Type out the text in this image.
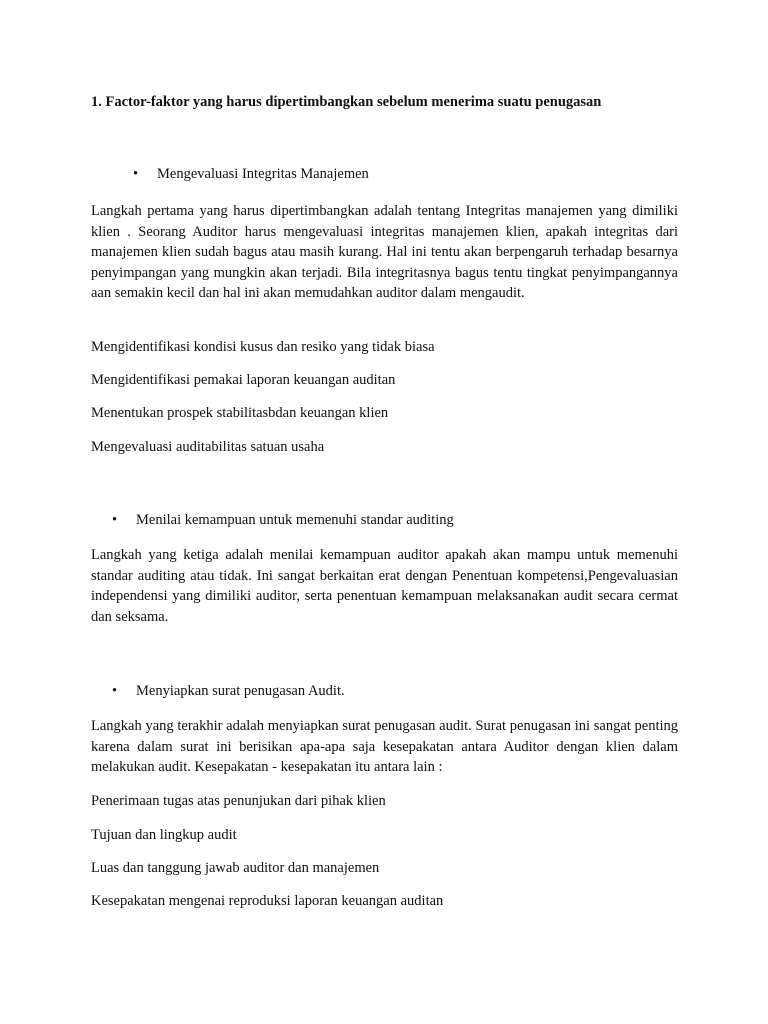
1. Factor-faktor yang harus dipertimbangkan sebelum menerima suatu penugasan
• Mengevaluasi Integritas Manajemen
Langkah pertama yang harus dipertimbangkan adalah tentang Integritas manajemen yang dimiliki klien . Seorang Auditor harus mengevaluasi integritas manajemen klien, apakah integritas dari manajemen klien sudah bagus atau masih kurang. Hal ini tentu akan berpengaruh terhadap besarnya penyimpangan yang mungkin akan terjadi. Bila integritasnya bagus tentu tingkat penyimpangannya aan semakin kecil dan hal ini akan memudahkan auditor dalam mengaudit.
Mengidentifikasi kondisi kusus dan resiko yang tidak biasa
Mengidentifikasi pemakai laporan keuangan auditan
Menentukan prospek stabilitasbdan keuangan klien
Mengevaluasi auditabilitas satuan usaha
• Menilai kemampuan untuk memenuhi standar auditing
Langkah yang ketiga adalah menilai kemampuan auditor apakah akan mampu untuk memenuhi standar auditing atau tidak. Ini sangat berkaitan erat dengan Penentuan kompetensi,Pengevaluasian independensi yang dimiliki auditor, serta penentuan kemampuan melaksanakan audit secara cermat dan seksama.
• Menyiapkan surat penugasan Audit.
Langkah yang terakhir adalah menyiapkan surat penugasan audit. Surat penugasan ini sangat penting karena dalam surat ini berisikan apa-apa saja kesepakatan antara Auditor dengan klien dalam melakukan audit. Kesepakatan - kesepakatan itu antara lain :
Penerimaan tugas atas penunjukan dari pihak klien
Tujuan dan lingkup audit
Luas dan tanggung jawab auditor dan manajemen
Kesepakatan mengenai reproduksi laporan keuangan auditan
